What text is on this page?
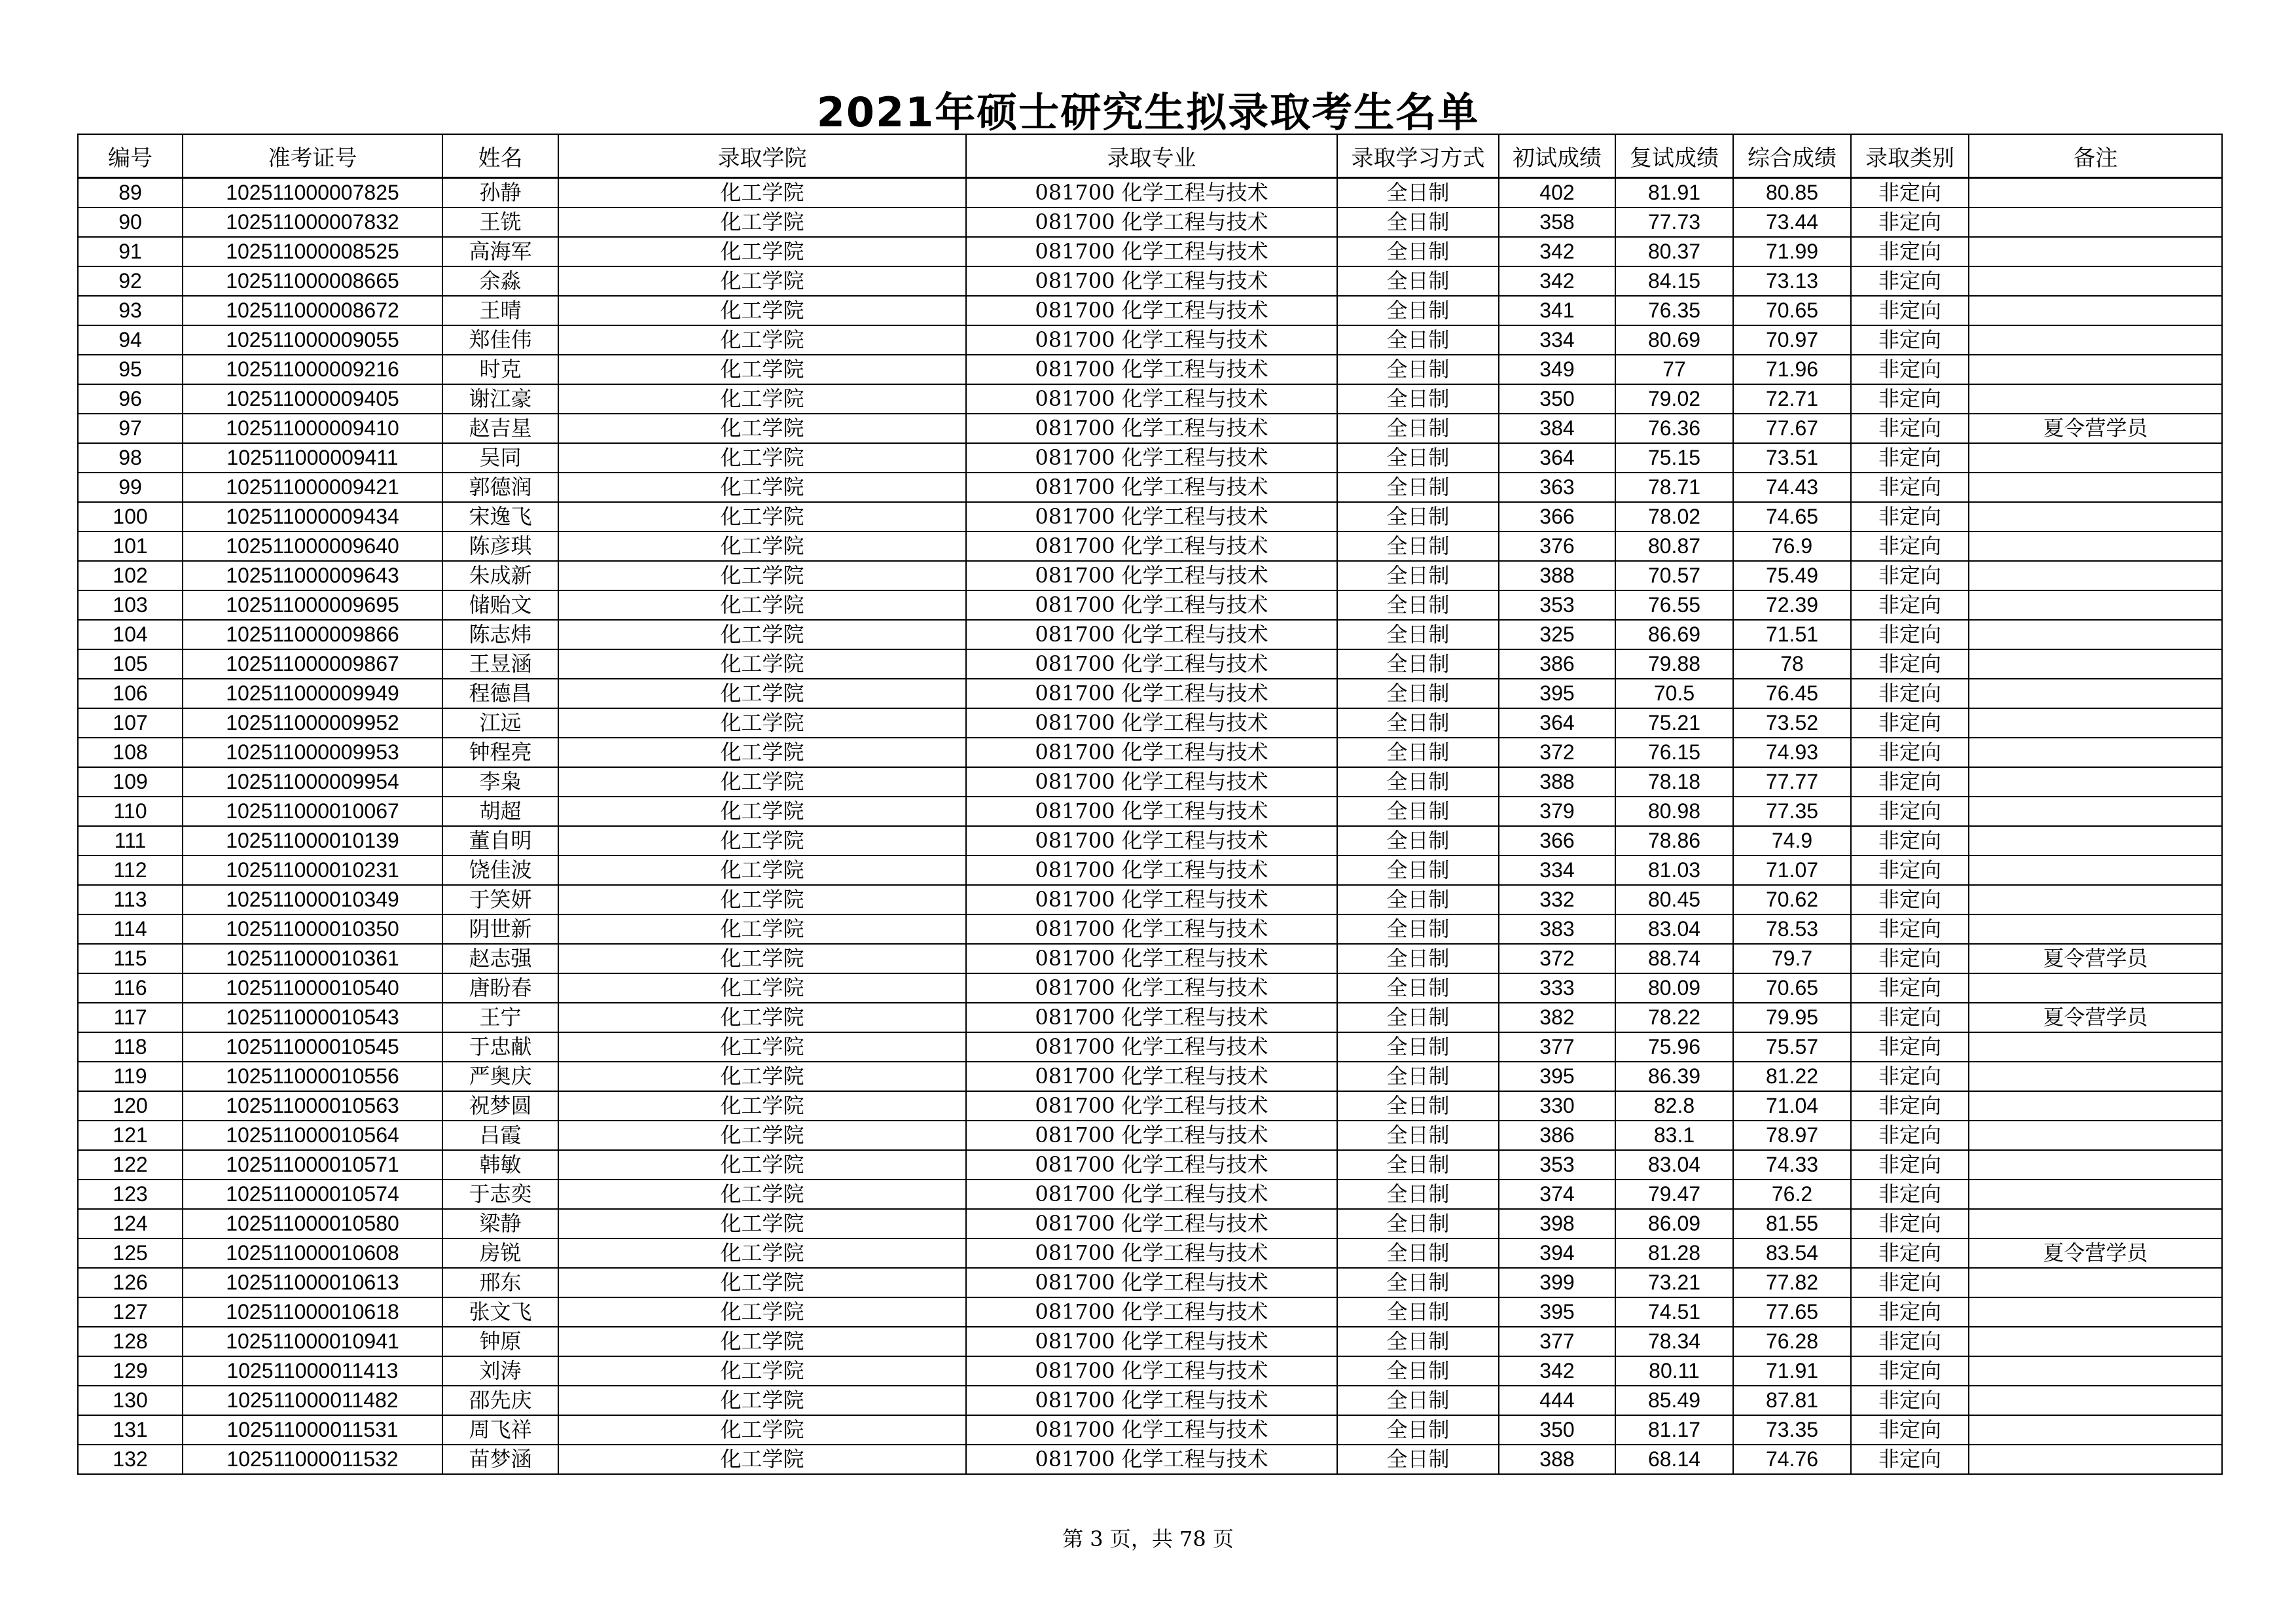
2021年硕士研究生拟录取考生名单
编号	准考证号	姓名	录取学院	录取专业	录取学习方式	初试成绩	复试成绩	综合成绩	录取类别	备注
89	102511000007825	孙静	化工学院	081700 化学工程与技术	全日制	402	81.91	80.85	非定向	
90	102511000007832	王铣	化工学院	081700 化学工程与技术	全日制	358	77.73	73.44	非定向	
91	102511000008525	高海军	化工学院	081700 化学工程与技术	全日制	342	80.37	71.99	非定向	
92	102511000008665	余淼	化工学院	081700 化学工程与技术	全日制	342	84.15	73.13	非定向	
93	102511000008672	王晴	化工学院	081700 化学工程与技术	全日制	341	76.35	70.65	非定向	
94	102511000009055	郑佳伟	化工学院	081700 化学工程与技术	全日制	334	80.69	70.97	非定向	
95	102511000009216	时克	化工学院	081700 化学工程与技术	全日制	349	77	71.96	非定向	
96	102511000009405	谢江豪	化工学院	081700 化学工程与技术	全日制	350	79.02	72.71	非定向	
97	102511000009410	赵吉星	化工学院	081700 化学工程与技术	全日制	384	76.36	77.67	非定向	夏令营学员
98	102511000009411	吴同	化工学院	081700 化学工程与技术	全日制	364	75.15	73.51	非定向	
99	102511000009421	郭德润	化工学院	081700 化学工程与技术	全日制	363	78.71	74.43	非定向	
100	102511000009434	宋逸飞	化工学院	081700 化学工程与技术	全日制	366	78.02	74.65	非定向	
101	102511000009640	陈彦琪	化工学院	081700 化学工程与技术	全日制	376	80.87	76.9	非定向	
102	102511000009643	朱成新	化工学院	081700 化学工程与技术	全日制	388	70.57	75.49	非定向	
103	102511000009695	储贻文	化工学院	081700 化学工程与技术	全日制	353	76.55	72.39	非定向	
104	102511000009866	陈志炜	化工学院	081700 化学工程与技术	全日制	325	86.69	71.51	非定向	
105	102511000009867	王昱涵	化工学院	081700 化学工程与技术	全日制	386	79.88	78	非定向	
106	102511000009949	程德昌	化工学院	081700 化学工程与技术	全日制	395	70.5	76.45	非定向	
107	102511000009952	江远	化工学院	081700 化学工程与技术	全日制	364	75.21	73.52	非定向	
108	102511000009953	钟程亮	化工学院	081700 化学工程与技术	全日制	372	76.15	74.93	非定向	
109	102511000009954	李枭	化工学院	081700 化学工程与技术	全日制	388	78.18	77.77	非定向	
110	102511000010067	胡超	化工学院	081700 化学工程与技术	全日制	379	80.98	77.35	非定向	
111	102511000010139	董自明	化工学院	081700 化学工程与技术	全日制	366	78.86	74.9	非定向	
112	102511000010231	饶佳波	化工学院	081700 化学工程与技术	全日制	334	81.03	71.07	非定向	
113	102511000010349	于笑妍	化工学院	081700 化学工程与技术	全日制	332	80.45	70.62	非定向	
114	102511000010350	阴世新	化工学院	081700 化学工程与技术	全日制	383	83.04	78.53	非定向	
115	102511000010361	赵志强	化工学院	081700 化学工程与技术	全日制	372	88.74	79.7	非定向	夏令营学员
116	102511000010540	唐盼春	化工学院	081700 化学工程与技术	全日制	333	80.09	70.65	非定向	
117	102511000010543	王宁	化工学院	081700 化学工程与技术	全日制	382	78.22	79.95	非定向	夏令营学员
118	102511000010545	于忠献	化工学院	081700 化学工程与技术	全日制	377	75.96	75.57	非定向	
119	102511000010556	严奥庆	化工学院	081700 化学工程与技术	全日制	395	86.39	81.22	非定向	
120	102511000010563	祝梦圆	化工学院	081700 化学工程与技术	全日制	330	82.8	71.04	非定向	
121	102511000010564	吕霞	化工学院	081700 化学工程与技术	全日制	386	83.1	78.97	非定向	
122	102511000010571	韩敏	化工学院	081700 化学工程与技术	全日制	353	83.04	74.33	非定向	
123	102511000010574	于志奕	化工学院	081700 化学工程与技术	全日制	374	79.47	76.2	非定向	
124	102511000010580	梁静	化工学院	081700 化学工程与技术	全日制	398	86.09	81.55	非定向	
125	102511000010608	房锐	化工学院	081700 化学工程与技术	全日制	394	81.28	83.54	非定向	夏令营学员
126	102511000010613	邢东	化工学院	081700 化学工程与技术	全日制	399	73.21	77.82	非定向	
127	102511000010618	张文飞	化工学院	081700 化学工程与技术	全日制	395	74.51	77.65	非定向	
128	102511000010941	钟原	化工学院	081700 化学工程与技术	全日制	377	78.34	76.28	非定向	
129	102511000011413	刘涛	化工学院	081700 化学工程与技术	全日制	342	80.11	71.91	非定向	
130	102511000011482	邵先庆	化工学院	081700 化学工程与技术	全日制	444	85.49	87.81	非定向	
131	102511000011531	周飞祥	化工学院	081700 化学工程与技术	全日制	350	81.17	73.35	非定向	
132	102511000011532	苗梦涵	化工学院	081700 化学工程与技术	全日制	388	68.14	74.76	非定向	
第 3 页，共 78 页
